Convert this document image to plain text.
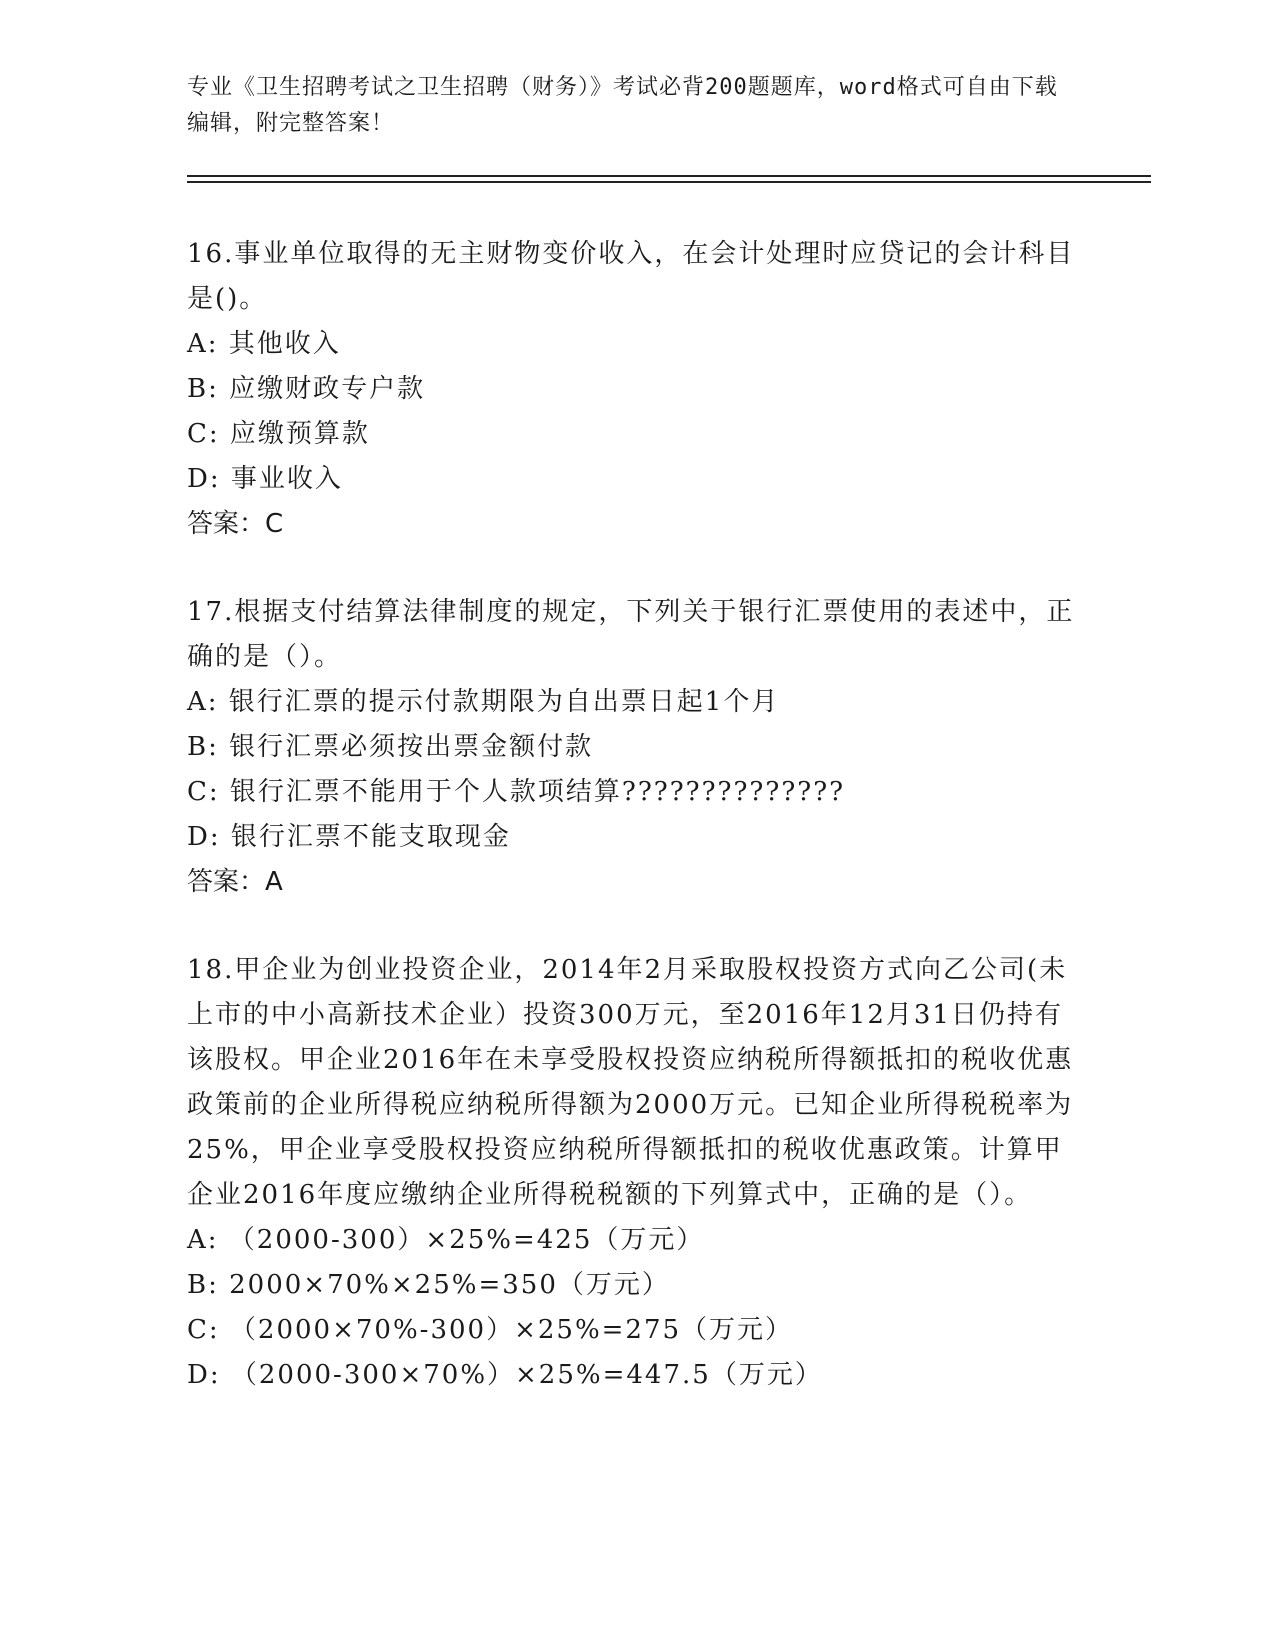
专业《卫生招聘考试之卫生招聘（财务）》考试必背200题题库，word格式可自由下载编辑，附完整答案！

16.事业单位取得的无主财物变价收入，在会计处理时应贷记的会计科目是()。

A: 其他收入

B: 应缴财政专户款

C: 应缴预算款

D: 事业收入

答案：C

17.根据支付结算法律制度的规定，下列关于银行汇票使用的表述中，正确的是（）。

A: 银行汇票的提示付款期限为自出票日起1个月

B: 银行汇票必须按出票金额付款

C: 银行汇票不能用于个人款项结算??????????????

D: 银行汇票不能支取现金

答案：A

18.甲企业为创业投资企业，2014年2月采取股权投资方式向乙公司(未上市的中小高新技术企业）投资300万元，至2016年12月31日仍持有该股权。甲企业2016年在未享受股权投资应纳税所得额抵扣的税收优惠政策前的企业所得税应纳税所得额为2000万元。已知企业所得税税率为25%，甲企业享受股权投资应纳税所得额抵扣的税收优惠政策。计算甲企业2016年度应缴纳企业所得税税额的下列算式中，正确的是（）。

A: （2000-300）×25%=425（万元）

B: 2000×70%×25%=350（万元）

C: （2000×70%-300）×25%=275（万元）

D: （2000-300×70%）×25%=447.5（万元）
